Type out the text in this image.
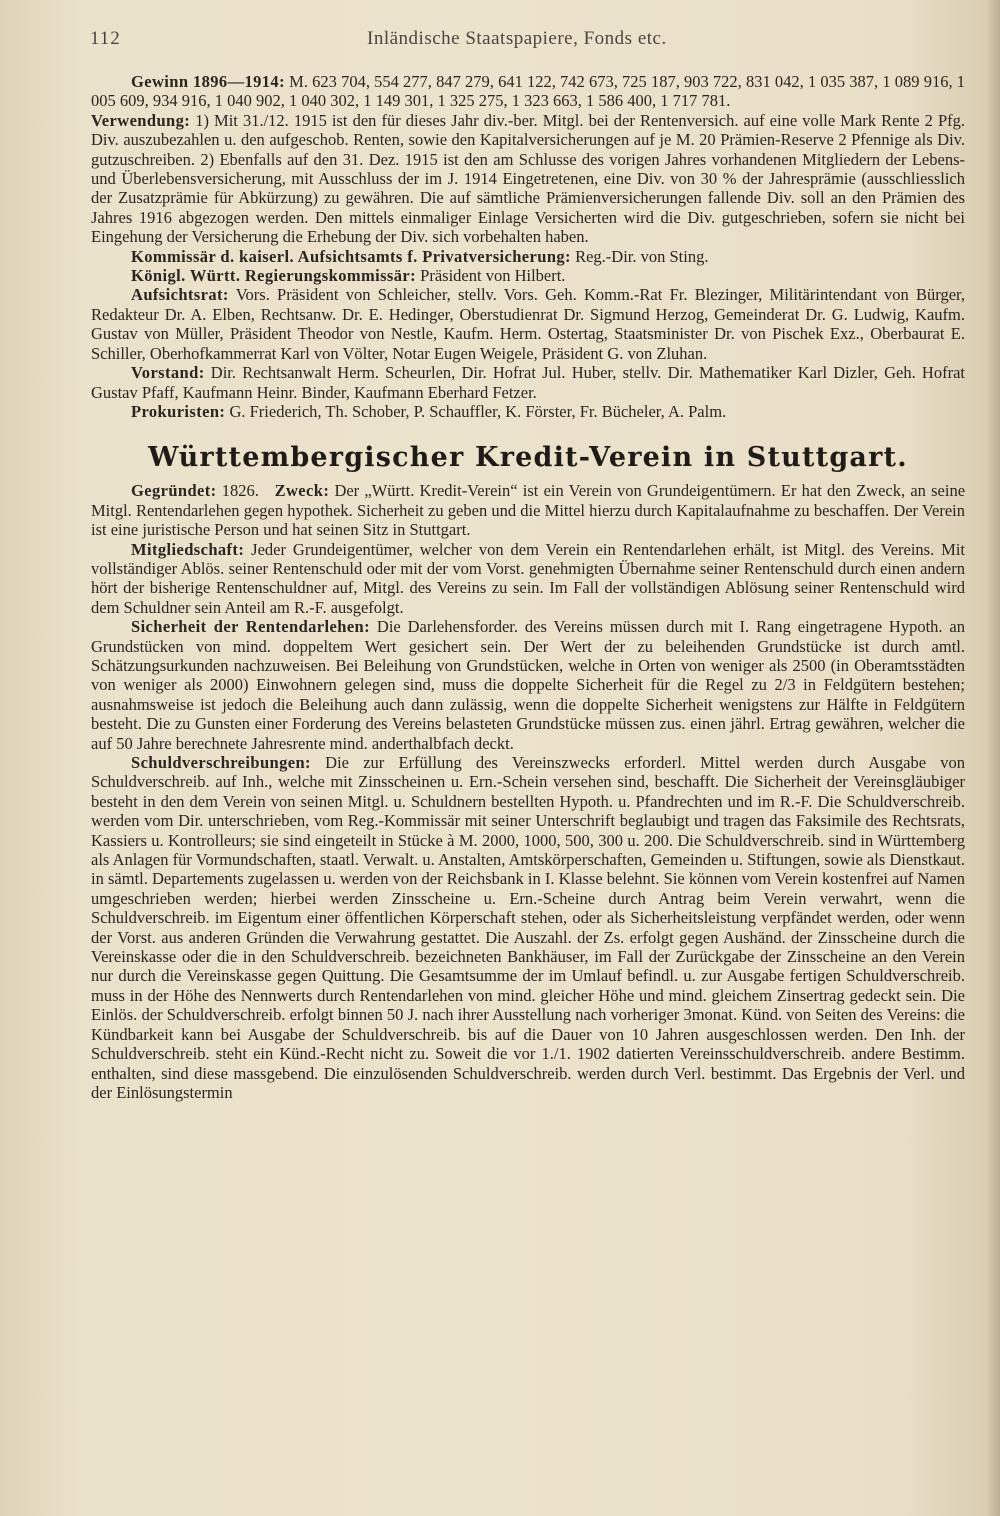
112	Inländische Staatspapiere, Fonds etc.

Gewinn 1896—1914: M. 623 704, 554 277, 847 279, 641 122, 742 673, 725 187, 903 722, 831 042, 1 035 387, 1 089 916, 1 005 609, 934 916, 1 040 902, 1 040 302, 1 149 301, 1 325 275, 1 323 663, 1 586 400, 1 717 781.

Verwendung: 1) Mit 31./12. 1915 ist den für dieses Jahr div.-ber. Mitgl. bei der Rentenversich. auf eine volle Mark Rente 2 Pfg. Div. auszubezahlen u. den aufgeschob. Renten, sowie den Kapitalversicherungen auf je M. 20 Prämien-Reserve 2 Pfennige als Div. gutzuschreiben. 2) Ebenfalls auf den 31. Dez. 1915 ist den am Schlusse des vorigen Jahres vorhandenen Mitgliedern der Lebens- und Überlebensversicherung, mit Ausschluss der im J. 1914 Eingetretenen, eine Div. von 30 % der Jahresprämie (ausschliesslich der Zusatzprämie für Abkürzung) zu gewähren. Die auf sämtliche Prämienversicherungen fallende Div. soll an den Prämien des Jahres 1916 abgezogen werden. Den mittels einmaliger Einlage Versicherten wird die Div. gutgeschrieben, sofern sie nicht bei Eingehung der Versicherung die Erhebung der Div. sich vorbehalten haben.

Kommissär d. kaiserl. Aufsichtsamts f. Privatversicherung: Reg.-Dir. von Sting.

Königl. Württ. Regierungskommissär: Präsident von Hilbert.

Aufsichtsrat: Vors. Präsident von Schleicher, stellv. Vors. Geh. Komm.-Rat Fr. Blezinger, Militärintendant von Bürger, Redakteur Dr. A. Elben, Rechtsanw. Dr. E. Hedinger, Oberstudienrat Dr. Sigmund Herzog, Gemeinderat Dr. G. Ludwig, Kaufm. Gustav von Müller, Präsident Theodor von Nestle, Kaufm. Herm. Ostertag, Staatsminister Dr. von Pischek Exz., Oberbaurat E. Schiller, Oberhofkammerrat Karl von Völter, Notar Eugen Weigele, Präsident G. von Zluhan.

Vorstand: Dir. Rechtsanwalt Herm. Scheurlen, Dir. Hofrat Jul. Huber, stellv. Dir. Mathematiker Karl Dizler, Geh. Hofrat Gustav Pfaff, Kaufmann Heinr. Binder, Kaufmann Eberhard Fetzer.

Prokuristen: G. Friederich, Th. Schober, P. Schauffler, K. Förster, Fr. Bücheler, A. Palm.

Württembergischer Kredit-Verein in Stuttgart.

Gegründet: 1826. Zweck: Der „Württ. Kredit-Verein“ ist ein Verein von Grundeigentümern. Er hat den Zweck, an seine Mitgl. Rentendarlehen gegen hypothek. Sicherheit zu geben und die Mittel hierzu durch Kapitalaufnahme zu beschaffen. Der Verein ist eine juristische Person und hat seinen Sitz in Stuttgart.

Mitgliedschaft: Jeder Grundeigentümer, welcher von dem Verein ein Rentendarlehen erhält, ist Mitgl. des Vereins. Mit vollständiger Ablös. seiner Rentenschuld oder mit der vom Vorst. genehmigten Übernahme seiner Rentenschuld durch einen andern hört der bisherige Rentenschuldner auf, Mitgl. des Vereins zu sein. Im Fall der vollständigen Ablösung seiner Rentenschuld wird dem Schuldner sein Anteil am R.-F. ausgefolgt.

Sicherheit der Rentendarlehen: Die Darlehensforder. des Vereins müssen durch mit I. Rang eingetragene Hypoth. an Grundstücken von mind. doppeltem Wert gesichert sein. Der Wert der zu beleihenden Grundstücke ist durch amtl. Schätzungsurkunden nachzuweisen. Bei Beleihung von Grundstücken, welche in Orten von weniger als 2500 (in Oberamtsstädten von weniger als 2000) Einwohnern gelegen sind, muss die doppelte Sicherheit für die Regel zu 2/3 in Feldgütern bestehen; ausnahmsweise ist jedoch die Beleihung auch dann zulässig, wenn die doppelte Sicherheit wenigstens zur Hälfte in Feldgütern besteht. Die zu Gunsten einer Forderung des Vereins belasteten Grundstücke müssen zus. einen jährl. Ertrag gewähren, welcher die auf 50 Jahre berechnete Jahresrente mind. anderthalbfach deckt.

Schuldverschreibungen: Die zur Erfüllung des Vereinszwecks erforderl. Mittel werden durch Ausgabe von Schuldverschreib. auf Inh., welche mit Zinsscheinen u. Ern.-Schein versehen sind, beschafft. Die Sicherheit der Vereinsgläubiger besteht in den dem Verein von seinen Mitgl. u. Schuldnern bestellten Hypoth. u. Pfandrechten und im R.-F. Die Schuldverschreib. werden vom Dir. unterschrieben, vom Reg.-Kommissär mit seiner Unterschrift beglaubigt und tragen das Faksimile des Rechtsrats, Kassiers u. Kontrolleurs; sie sind eingeteilt in Stücke à M. 2000, 1000, 500, 300 u. 200. Die Schuldverschreib. sind in Württemberg als Anlagen für Vormundschaften, staatl. Verwalt. u. Anstalten, Amtskörperschaften, Gemeinden u. Stiftungen, sowie als Dienstkaut. in sämtl. Departements zugelassen u. werden von der Reichsbank in I. Klasse belehnt. Sie können vom Verein kostenfrei auf Namen umgeschrieben werden; hierbei werden Zinsscheine u. Ern.-Scheine durch Antrag beim Verein verwahrt, wenn die Schuldverschreib. im Eigentum einer öffentlichen Körperschaft stehen, oder als Sicherheitsleistung verpfändet werden, oder wenn der Vorst. aus anderen Gründen die Verwahrung gestattet. Die Auszahl. der Zs. erfolgt gegen Aushänd. der Zinsscheine durch die Vereinskasse oder die in den Schuldverschreib. bezeichneten Bankhäuser, im Fall der Zurückgabe der Zinsscheine an den Verein nur durch die Vereinskasse gegen Quittung. Die Gesamtsumme der im Umlauf befindl. u. zur Ausgabe fertigen Schuldverschreib. muss in der Höhe des Nennwerts durch Rentendarlehen von mind. gleicher Höhe und mind. gleichem Zinsertrag gedeckt sein. Die Einlös. der Schuldverschreib. erfolgt binnen 50 J. nach ihrer Ausstellung nach vorheriger 3monat. Künd. von Seiten des Vereins: die Kündbarkeit kann bei Ausgabe der Schuldverschreib. bis auf die Dauer von 10 Jahren ausgeschlossen werden. Den Inh. der Schuldverschreib. steht ein Künd.-Recht nicht zu. Soweit die vor 1./1. 1902 datierten Vereinsschuldverschreib. andere Bestimm. enthalten, sind diese massgebend. Die einzulösenden Schuldverschreib. werden durch Verl. bestimmt. Das Ergebnis der Verl. und der Einlösungstermin
